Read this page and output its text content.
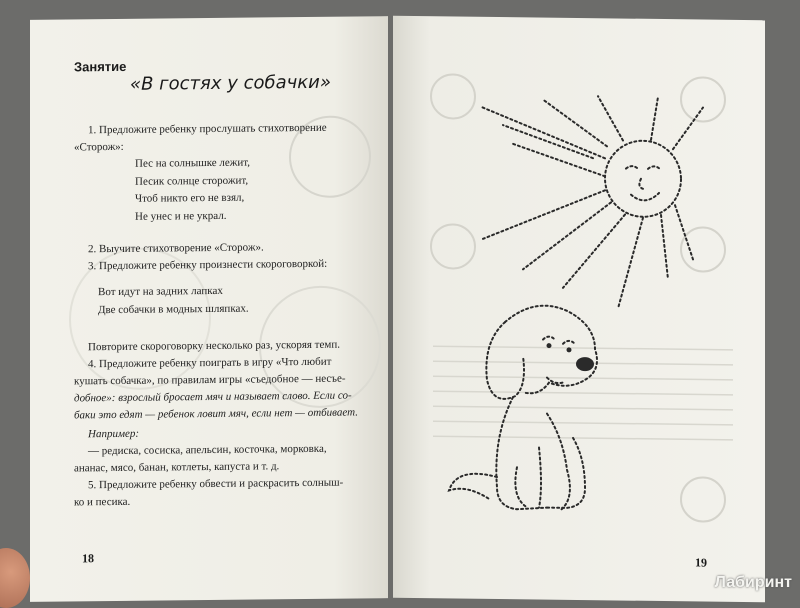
Занятие
«В гостях у собачки»
1. Предложите ребенку прослушать стихотворение
«Сторож»:
Пес на солнышке лежит,
Песик солнце сторожит,
Чтоб никто его не взял,
Не унес и не украл.
2. Выучите стихотворение «Сторож».
3. Предложите ребенку произнести скороговоркой:
Вот идут на задних лапках
Две собачки в модных шляпках.
Повторите скороговорку несколько раз, ускоряя темп.
4. Предложите ребенку поиграть в игру «Что любит
кушать собачка», по правилам игры «съедобное — несъе-
добное»: взрослый бросает мяч и называет слово. Если со-
баки это едят — ребенок ловит мяч, если нет — отбивает.
Например:
— редиска, сосиска, апельсин, косточка, морковка,
ананас, мясо, банан, котлеты, капуста и т. д.
5. Предложите ребенку обвести и раскрасить солныш-
ко и песика.
18	19
Лабиринт
